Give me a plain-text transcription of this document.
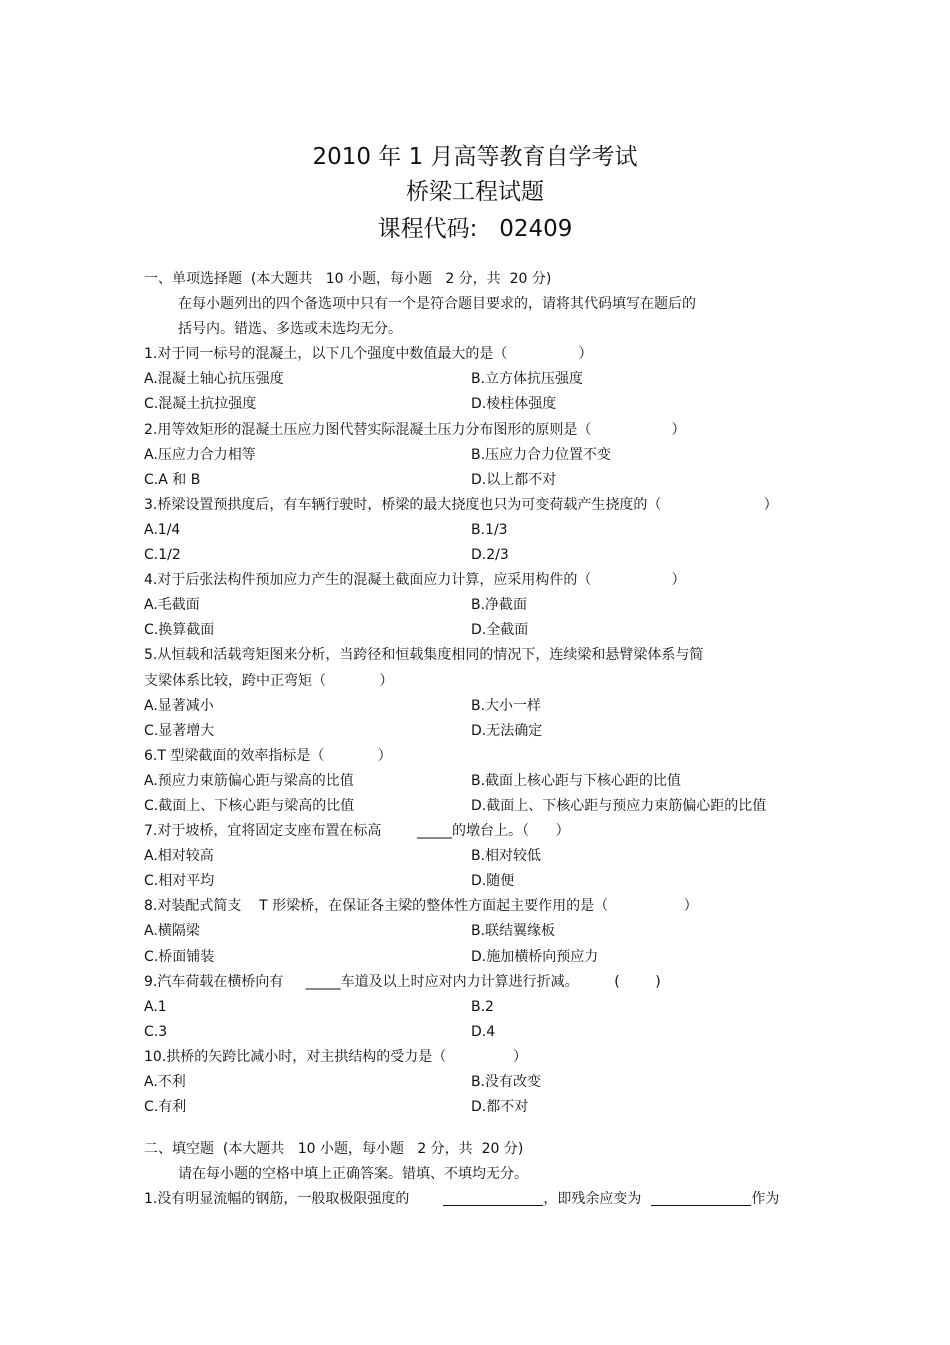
2010 年 1 月高等教育自学考试
桥梁工程试题
课程代码:   02409
一、单项选择题  (本大题共   10 小题，每小题   2 分，共  20 分)
在每小题列出的四个备选项中只有一个是符合题目要求的，请将其代码填写在题后的
括号内。错选、多选或未选均无分。
1.对于同一标号的混凝土，以下几个强度中数值最大的是（                ）
A.混凝土轴心抗压强度	B.立方体抗压强度
C.混凝土抗拉强度	D.棱柱体强度
2.用等效矩形的混凝土压应力图代替实际混凝土压力分布图形的原则是（                  ）
A.压应力合力相等	B.压应力合力位置不变
C.A 和 B	D.以上都不对
3.桥梁设置预拱度后，有车辆行驶时，桥梁的最大挠度也只为可变荷载产生挠度的（                       ）
A.1/4	B.1/3
C.1/2	D.2/3
4.对于后张法构件预加应力产生的混凝土截面应力计算，应采用构件的（                  ）
A.毛截面	B.净截面
C.换算截面	D.全截面
5.从恒载和活载弯矩图来分析，当跨径和恒载集度相同的情况下，连续梁和悬臂梁体系与简
支梁体系比较，跨中正弯矩（            ）
A.显著减小	B.大小一样
C.显著增大	D.无法确定
6.T 型梁截面的效率指标是（            ）
A.预应力束筋偏心距与梁高的比值	B.截面上核心距与下核心距的比值
C.截面上、下核心距与梁高的比值	D.截面上、下核心距与预应力束筋偏心距的比值
7.对于坡桥，宜将固定支座布置在标高        _____的墩台上。（      ）
A.相对较高	B.相对较低
C.相对平均	D.随便
8.对装配式简支    T 形梁桥，在保证各主梁的整体性方面起主要作用的是（                 ）
A.横隔梁	B.联结翼缘板
C.桥面铺装	D.施加横桥向预应力
9.汽车荷载在横桥向有     _____车道及以上时应对内力计算进行折减。        (        )
A.1	B.2
C.3	D.4
10.拱桥的矢跨比减小时，对主拱结构的受力是（               ）
A.不利	B.没有改变
C.有利	D.都不对
二、填空题  (本大题共   10 小题，每小题   2 分，共  20 分)
请在每小题的空格中填上正确答案。错填、不填均无分。
1.没有明显流幅的钢筋，一般取极限强度的	，即残余应变为	作为
